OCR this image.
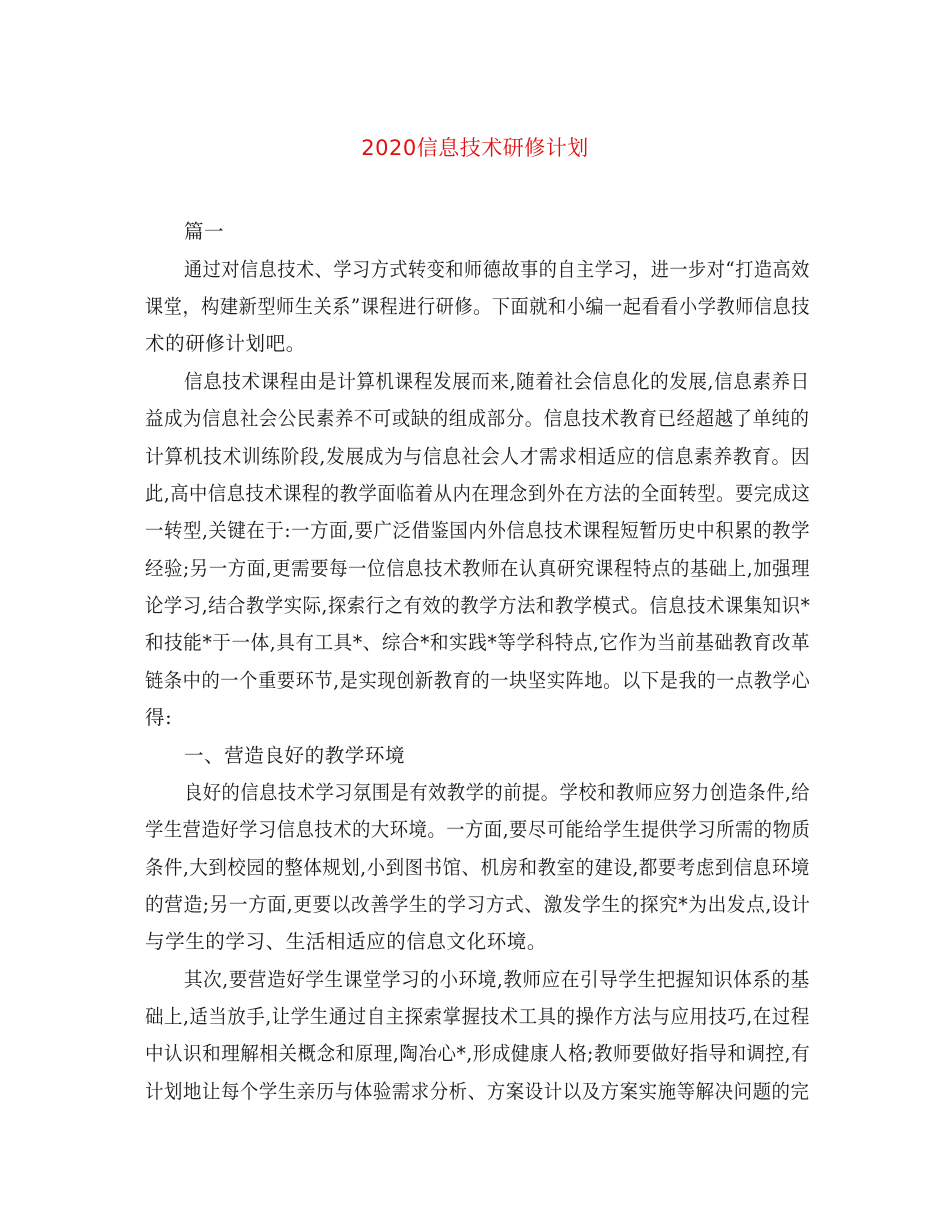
2020信息技术研修计划
篇一
通过对信息技术、学习方式转变和师德故事的自主学习，进一步对“打造高效
课堂，构建新型师生关系”课程进行研修。下面就和小编一起看看小学教师信息技
术的研修计划吧。
信息技术课程由是计算机课程发展而来,随着社会信息化的发展,信息素养日
益成为信息社会公民素养不可或缺的组成部分。信息技术教育已经超越了单纯的
计算机技术训练阶段,发展成为与信息社会人才需求相适应的信息素养教育。因
此,高中信息技术课程的教学面临着从内在理念到外在方法的全面转型。要完成这
一转型,关键在于:一方面,要广泛借鉴国内外信息技术课程短暂历史中积累的教学
经验;另一方面,更需要每一位信息技术教师在认真研究课程特点的基础上,加强理
论学习,结合教学实际,探索行之有效的教学方法和教学模式。信息技术课集知识*
和技能*于一体,具有工具*、综合*和实践*等学科特点,它作为当前基础教育改革
链条中的一个重要环节,是实现创新教育的一块坚实阵地。以下是我的一点教学心
得:
一、营造良好的教学环境
良好的信息技术学习氛围是有效教学的前提。学校和教师应努力创造条件,给
学生营造好学习信息技术的大环境。一方面,要尽可能给学生提供学习所需的物质
条件,大到校园的整体规划,小到图书馆、机房和教室的建设,都要考虑到信息环境
的营造;另一方面,更要以改善学生的学习方式、激发学生的探究*为出发点,设计
与学生的学习、生活相适应的信息文化环境。
其次,要营造好学生课堂学习的小环境,教师应在引导学生把握知识体系的基
础上,适当放手,让学生通过自主探索掌握技术工具的操作方法与应用技巧,在过程
中认识和理解相关概念和原理,陶冶心*,形成健康人格;教师要做好指导和调控,有
计划地让每个学生亲历与体验需求分析、方案设计以及方案实施等解决问题的完
